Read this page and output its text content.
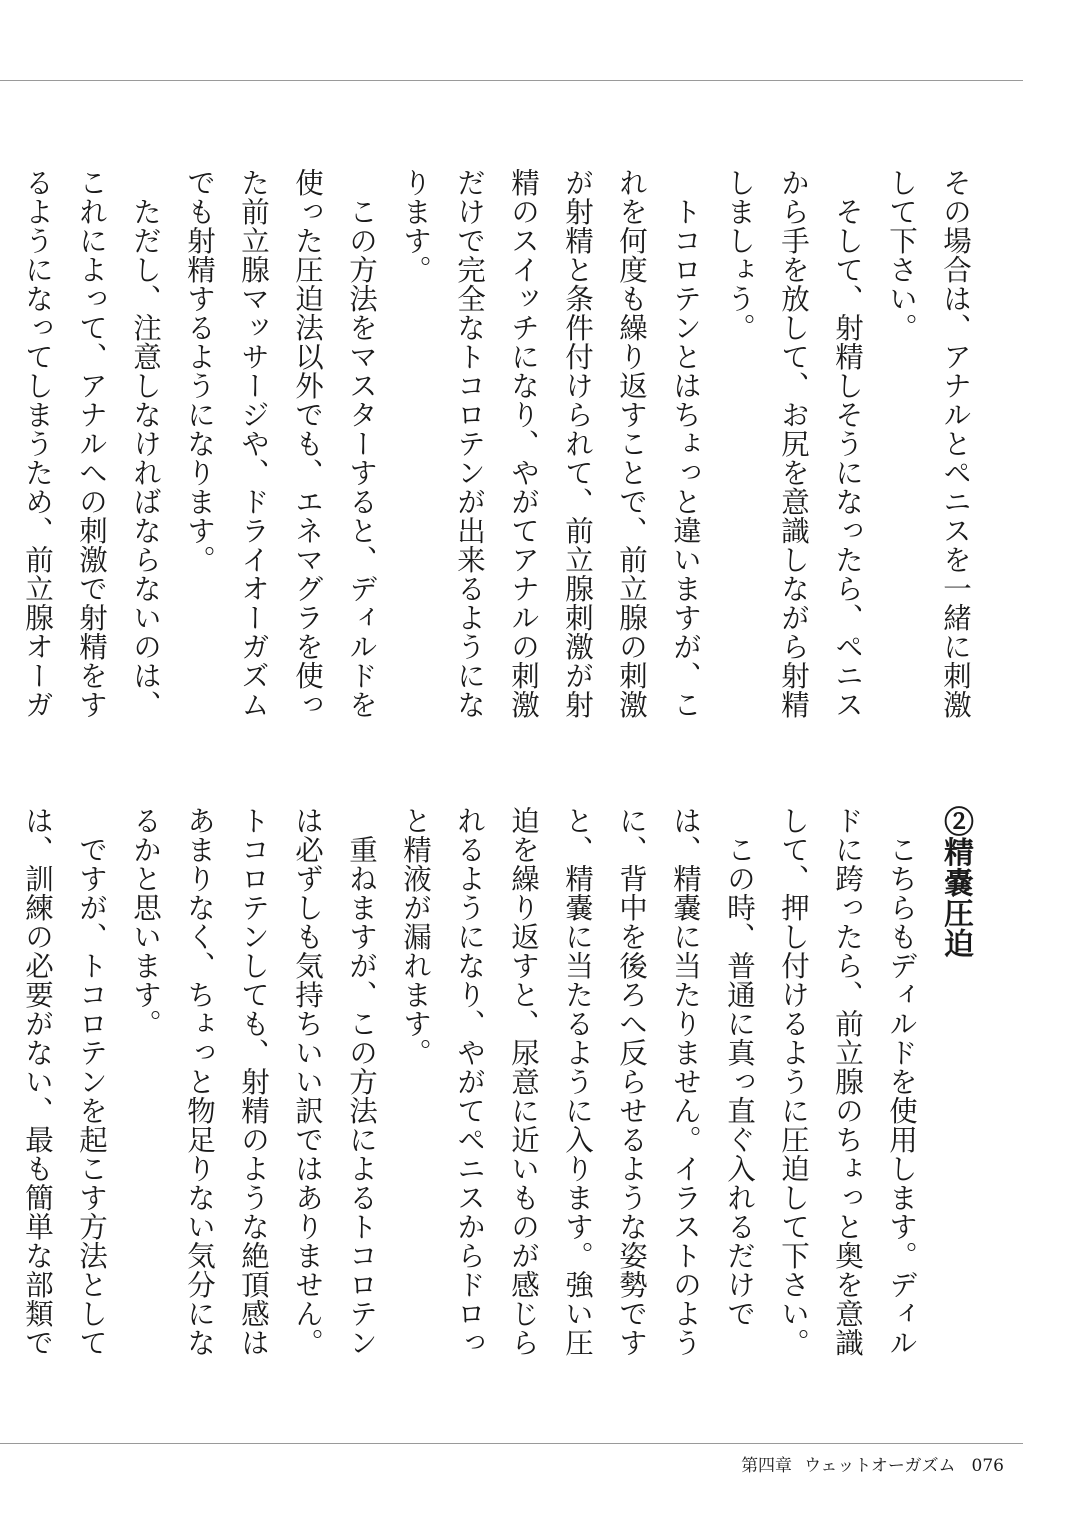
その場合は、アナルとペニスを一緒に刺激して下さい。

そして、射精しそうになったら、ペニスから手を放して、お尻を意識しながら射精しましょう。

トコロテンとはちょっと違いますが、これを何度も繰り返すことで、前立腺の刺激が射精と条件付けられて、前立腺刺激が射精のスイッチになり、やがてアナルの刺激だけで完全なトコロテンが出来るようになります。

この方法をマスターすると、ディルドを使った圧迫法以外でも、エネマグラを使った前立腺マッサージや、ドライオーガズムでも射精するようになります。

ただし、注意しなければならないのは、これによって、アナルへの刺激で射精をするようになってしまうため、前立腺オーガ

②精嚢圧迫

こちらもディルドを使用します。ディルドに跨ったら、前立腺のちょっと奥を意識して、押し付けるように圧迫して下さい。

この時、普通に真っ直ぐ入れるだけでは、精嚢に当たりません。イラストのように、背中を後ろへ反らせるような姿勢ですと、精嚢に当たるように入ります。強い圧迫を繰り返すと、尿意に近いものが感じられるようになり、やがてペニスからドロっと精液が漏れます。

重ねますが、この方法によるトコロテンは必ずしも気持ちいい訳ではありません。トコロテンしても、射精のような絶頂感はあまりなく、ちょっと物足りない気分になるかと思います。

ですが、トコロテンを起こす方法としては、訓練の必要がない、最も簡単な部類で

第四章 ウェットオーガズム 076
